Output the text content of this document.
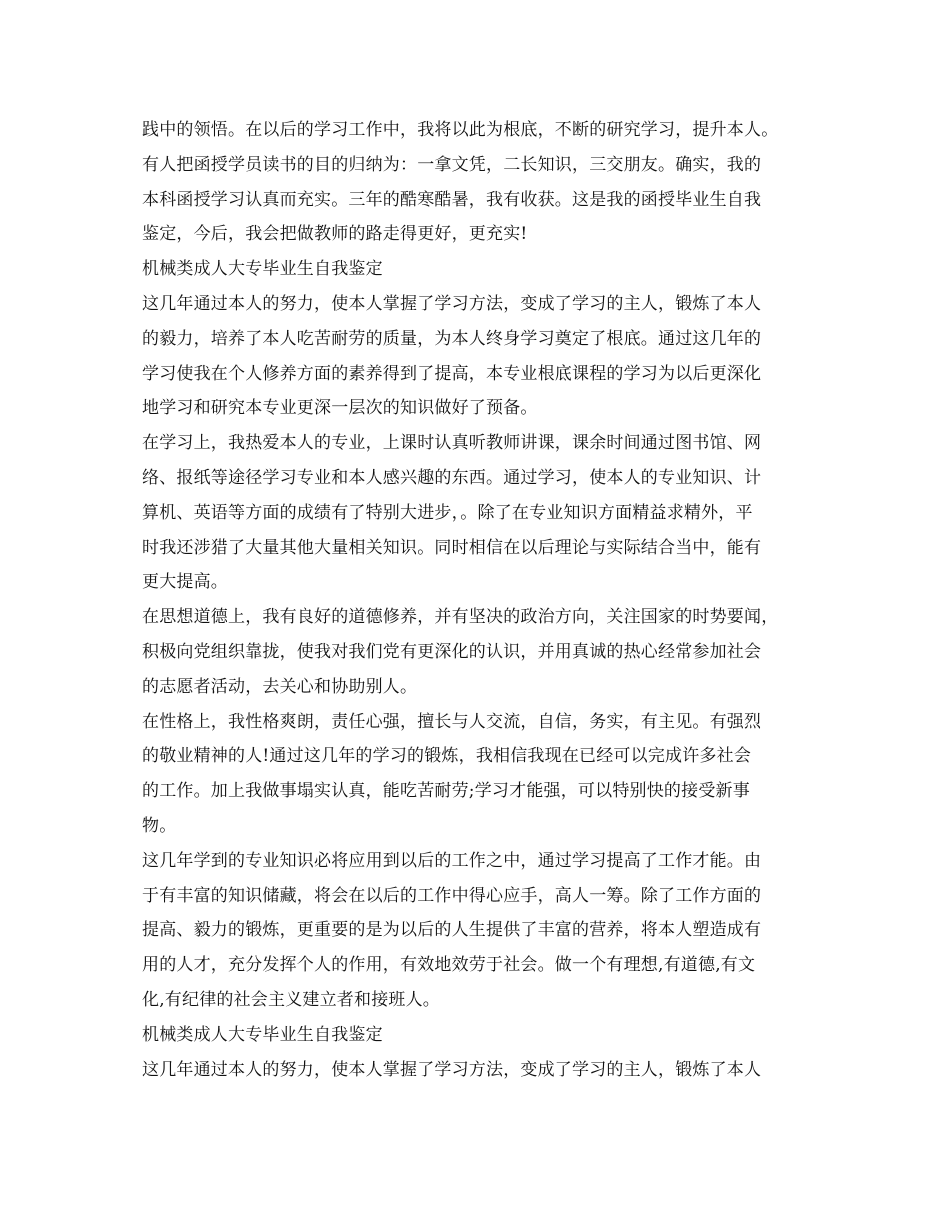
践中的领悟。在以后的学习工作中，我将以此为根底，不断的研究学习，提升本人。
有人把函授学员读书的目的归纳为：一拿文凭，二长知识，三交朋友。确实，我的
本科函授学习认真而充实。三年的酷寒酷暑，我有收获。这是我的函授毕业生自我
鉴定，今后，我会把做教师的路走得更好，更充实!
机械类成人大专毕业生自我鉴定
这几年通过本人的努力，使本人掌握了学习方法，变成了学习的主人，锻炼了本人
的毅力，培养了本人吃苦耐劳的质量，为本人终身学习奠定了根底。通过这几年的
学习使我在个人修养方面的素养得到了提高，本专业根底课程的学习为以后更深化
地学习和研究本专业更深一层次的知识做好了预备。
在学习上，我热爱本人的专业，上课时认真听教师讲课，课余时间通过图书馆、网
络、报纸等途径学习专业和本人感兴趣的东西。通过学习，使本人的专业知识、计
算机、英语等方面的成绩有了特别大进步，。除了在专业知识方面精益求精外，平
时我还涉猎了大量其他大量相关知识。同时相信在以后理论与实际结合当中，能有
更大提高。
在思想道德上，我有良好的道德修养，并有坚决的政治方向，关注国家的时势要闻，
积极向党组织靠拢，使我对我们党有更深化的认识，并用真诚的热心经常参加社会
的志愿者活动，去关心和协助别人。
在性格上，我性格爽朗，责任心强，擅长与人交流，自信，务实，有主见。有强烈
的敬业精神的人!通过这几年的学习的锻炼，我相信我现在已经可以完成许多社会
的工作。加上我做事塌实认真，能吃苦耐劳;学习才能强，可以特别快的接受新事
物。
这几年学到的专业知识必将应用到以后的工作之中，通过学习提高了工作才能。由
于有丰富的知识储藏，将会在以后的工作中得心应手，高人一筹。除了工作方面的
提高、毅力的锻炼，更重要的是为以后的人生提供了丰富的营养，将本人塑造成有
用的人才，充分发挥个人的作用，有效地效劳于社会。做一个有理想,有道德,有文
化,有纪律的社会主义建立者和接班人。
机械类成人大专毕业生自我鉴定
这几年通过本人的努力，使本人掌握了学习方法，变成了学习的主人，锻炼了本人
